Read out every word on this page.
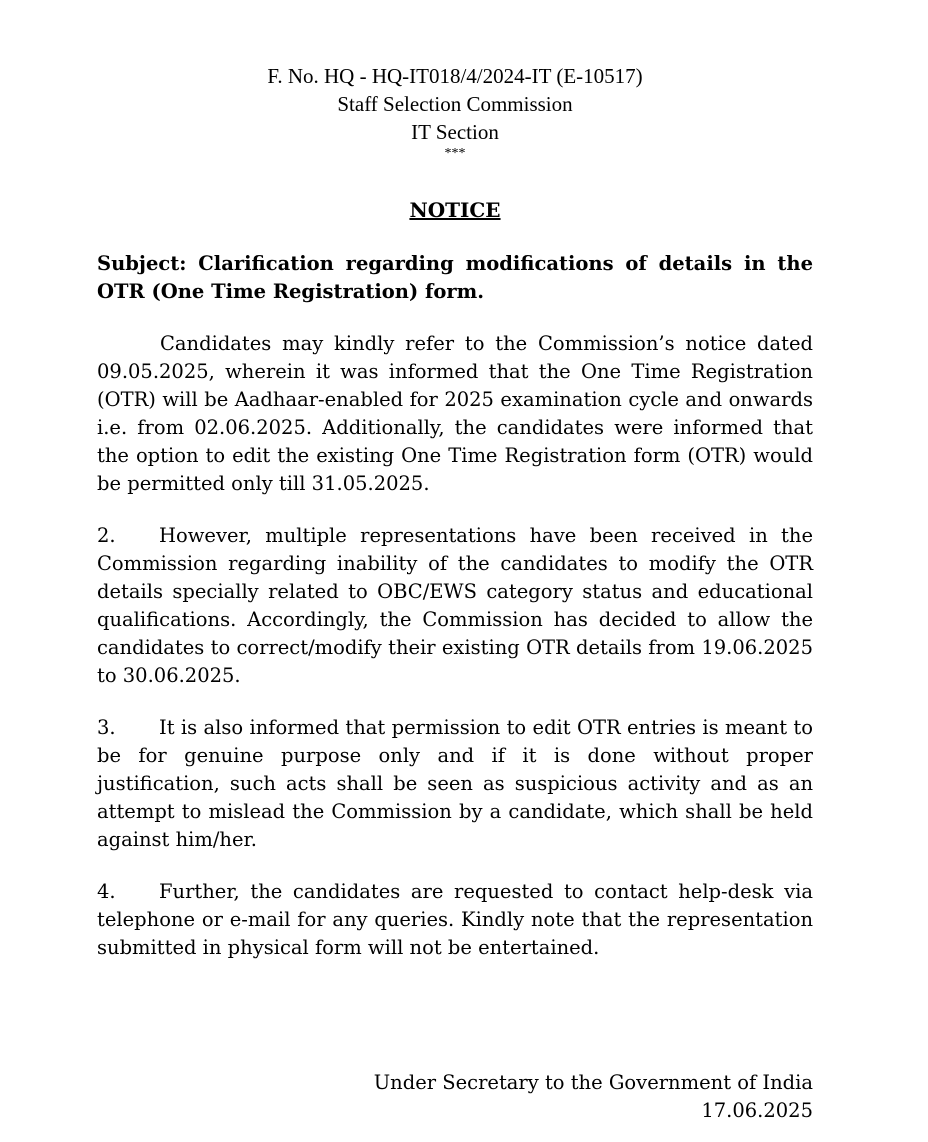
F. No. HQ - HQ-IT018/4/2024-IT (E-10517)
Staff Selection Commission
IT Section
***
NOTICE
Subject: Clarification regarding modifications of details in the OTR (One Time Registration) form.
Candidates may kindly refer to the Commission’s notice dated 09.05.2025, wherein it was informed that the One Time Registration (OTR) will be Aadhaar-enabled for 2025 examination cycle and onwards i.e. from 02.06.2025. Additionally, the candidates were informed that the option to edit the existing One Time Registration form (OTR) would be permitted only till 31.05.2025.
2. However, multiple representations have been received in the Commission regarding inability of the candidates to modify the OTR details specially related to OBC/EWS category status and educational qualifications. Accordingly, the Commission has decided to allow the candidates to correct/modify their existing OTR details from 19.06.2025 to 30.06.2025.
3. It is also informed that permission to edit OTR entries is meant to be for genuine purpose only and if it is done without proper justification, such acts shall be seen as suspicious activity and as an attempt to mislead the Commission by a candidate, which shall be held against him/her.
4. Further, the candidates are requested to contact help-desk via telephone or e-mail for any queries. Kindly note that the representation submitted in physical form will not be entertained.
Under Secretary to the Government of India
17.06.2025
